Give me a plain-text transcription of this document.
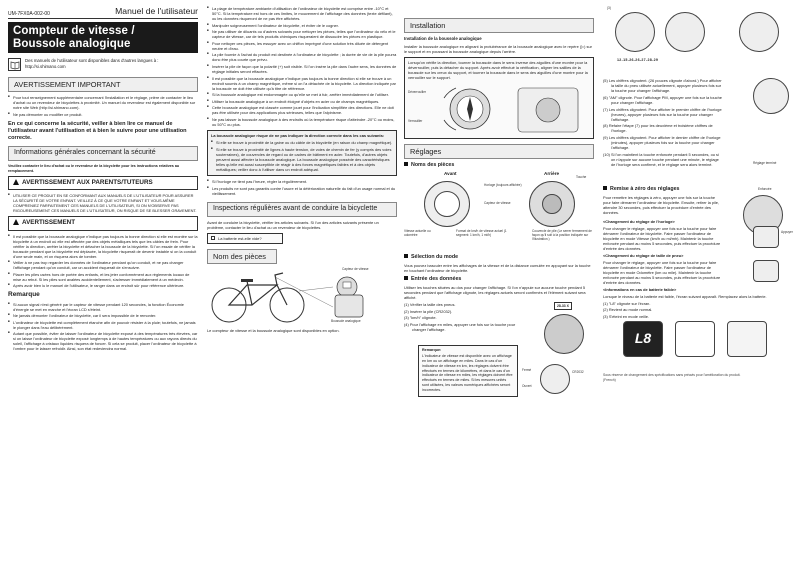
UM-7FX0A-002-00	Manuel de l'utilisateur
Compteur de vitesse /
Boussole analogique
Des manuels de l'utilisateur sont disponibles dans d'autres langues à : http://si.shimano.com
AVERTISSEMENT IMPORTANT
■ Pour tout renseignement supplémentaire concernant l'installation et le réglage, prière de contacter le lieu d'achat ou un revendeur de bicyclettes à proximité. Un manuel du revendeur est également disponible sur notre site Web (http://si.shimano.com).
■ Ne pas démonter ou modifier ce produit.

En ce qui concerne la sécurité, veiller à bien lire ce manuel de l'utilisateur avant l'utilisation et à bien le suivre pour une utilisation correcte.

Informations générales concernant la sécurité

Veuillez contacter le lieu d'achat ou le revendeur de la bicyclette pour les instructions relatives au remplacement.

AVERTISSEMENT AUX PARENTS/TUTEURS
■ UTILISER CE PRODUIT EN SE CONFORMANT AUX MANUELS DE L'UTILISATEUR POUR ASSURER LA SÉCURITÉ DE VOTRE ENFANT. VEILLEZ À CE QUE VOTRE ENFANT ET VOUS-MÊME COMPRENIEZ PARFAITEMENT CES MANUELS DE L'UTILISATEUR, SI ON N'OBSERVE PAS RIGOUREUSEMENT CES MANUELS DE L'UTILISATEUR, ON RISQUE DE SE BLESSER GRAVEMENT.
AVERTISSEMENT
■ Il est possible que la boussole analogique n'indique pas toujours la bonne direction si elle est montée sur la bicyclette à un endroit où elle est affectée par des objets métalliques tels que les câbles de frein. Pour vérifier la direction, arrêter la bicyclette et détacher la boussole de la bicyclette. Si l'on essaie de vérifier la boussole pendant que la bicyclette est déplacée, la bicyclette risquerait de devenir instable si on la conduit d'une seule main, et on risquera alors de tomber.
■ Veiller à ne pas trop regarder les données de l'ordinateur pendant qu'on conduit, et ne pas changer l'affichage pendant qu'on conduit, car un accident risquerait de s'ensuivre.
■ Placer les piles usées hors de portée des enfants, et les jeter conformément aux règlements locaux de mise au rebut. Si les piles sont avalées accidentellement, s'adresser immédiatement à un médecin.
■ Après avoir bien lu le manuel de l'utilisateur, le ranger dans un endroit sûr pour référence ultérieure.
Remarque
■ Si aucun signal n'est généré par le capteur de vitesse pendant 120 secondes, la fonction Économie d'énergie se met en marche et l'écran LCD s'éteint.
■ Ne jamais démonter l'ordinateur de bicyclette, car il sera impossible de le remonter.
■ L'ordinateur de bicyclette est complètement étanche afin de pouvoir résister à la pluie; toutefois, ne jamais le plonger dans l'eau délibérément.
■ Autant que possible, éviter de laisser l'ordinateur de bicyclette exposé à des températures très élevées, car si on laisse l'ordinateur de bicyclette exposé longtemps à de hautes températures ou aux rayons directs du soleil, l'affichage à cristaux liquides risquera de foncer. Si cela se produit, placer l'ordinateur de bicyclette à l'ombre pour le laisser refroidir. Ainsi, son état redeviendra normal.
■ La plage de température ambiante d'utilisation de l'ordinateur de bicyclette est comprise entre -10°C et 50°C. Si la température est hors de ces limites, le mouvement de l'affichage des données (texte défilant), ou les données risqueront de ne pas être affichées.
■ Manipuler soigneusement l'ordinateur de bicyclette, et éviter de le cogner.
■ Ne pas utiliser de diluants ou d'autres solvants pour nettoyer les pièces, telles que l'ordinateur du vélo et le capteur de vitesse, car de tels produits chimiques risqueraient de dissoudre les pièces en plastique.
■ Pour nettoyer ces pièces, les essuyer avec un chiffon imprégné d'une solution très diluée de détergent neutre et d'eau.
■ La pile fournie à l'achat du produit est destinée à l'ordinateur de bicyclette ; la durée de vie de la pile pourra donc être plus courte que prévu.
■ Insérer la pile de façon que la polarité (+) soit visible. Si l'on insère la pile dans l'autre sens, les données de réglage initiales seront effacées.
■ Il est possible que la boussole analogique n'indique pas toujours la bonne direction si elle se trouve à un endroit soumis à un champ magnétique, même si on l'a détachée de la bicyclette. La direction indiquée par la boussole ne doit être utilisée qu'à titre de référence.
■ Si la boussole analogique est endommagée ou qu'elle se met à fuir, arrêter immédiatement de l'utiliser.
■ Utiliser la boussole analogique à un endroit éloigné d'objets en acier ou de champs magnétiques.
■ Cette boussole analogique est classée comme jouet pour l'indication simplifiée des directions. Elle ne doit pas être utilisée pour des applications plus sérieuses, telles que l'alpinisme.
■ Ne pas laisser la boussole analogique à des endroits où la température risque d'atteindre -20°C ou moins, ou 50°C ou plus.

La boussole analogique risque de ne pas indiquer la direction correcte dans les cas suivants:

■ Si elle se trouve à proximité de la gaine ou du câble de la bicyclette (en raison du champ magnétique).
■ Si elle se trouve à proximité de lignes à haute tension, de voies de chemin de fer (y compris des voies souterraines), de couvercles de regard ou de cadres de bâtiment en acier. Toutefois, d'autres objets peuvent aussi affecter la boussole analogique. La boussole analogique possède des caractéristiques telles qu'elle est aussi susceptible de réagir à des forces magnétiques faibles et à des objets métalliques; veiller donc à l'utiliser dans un endroit adéquat.
■ Si l'horloge ne tient pas l'heure, régler la régulièrement.
■ Les produits ne sont pas garantis contre l'usure et la détérioration naturelle du fait d'un usage normal et du vieillissement.
Inspections régulières avant de conduire la bicyclette

Avant de conduire la bicyclette, vérifier les articles suivants. Si l'un des articles suivants présente un problème, contacter le lieu d'achat ou un revendeur de bicyclettes.

La batterie est-elle vide?
Nom des pièces
Capteur de vitesse
Boussole analogique

Le compteur de vitesse et la boussole analogique sont disponibles en option.

Installation

Installation de la boussole analogique

Installer la boussole analogique en alignant la protubérance de la boussole analogique avec le repère (▷) sur le support et en poussant la boussole analogique depuis l'arrière.

Lorsqu'on vérifie la direction, tourner la boussole dans le sens inverse des aiguilles d'une montre pour la déverrouiller, puis la détacher du support. Après avoir effectué la vérification, aligner les saillies de la boussole sur les creux du support, et tourner la boussole dans le sens des aiguilles d'une montre pour la verrouiller sur le support.

Déverrouiller
Verrouiller
Réglages
Noms des pièces
Avant	Arrière
Horloge (toujours affichée)
Capteur de vitesse
Touche
Vitesse actuelle ou odomètre
Format de km/h de vitesse actuel (1 segment: 1 km/h, 1 mi/h)
Couvercle de pile (Le serrer fermement de façon qu'il soit à la position indiquée sur l'illustration.)
Sélection du mode

Vous pouvez basculer entre les affichages de la vitesse et de la distance cumulée en appuyant sur la touche en touchant l'ordinateur de bicyclette.

Entrée des données

Utiliser les touches situées au dos pour changer l'affichage. Si l'on n'appuie sur aucune touche pendant 5 secondes pendant que l'affichage clignote, les réglages actuels seront confirmés et l'élément suivant sera affiché.

(1) Vérifier la taille des pneus.
(2) Insérer la pile (CR2032).
(3) "km/h" clignote.
(4) Pour l'affichage en miles, appuyer une fois sur la touche pour changer l'affichage.
28-33 X

Remarque:

L'indicateur de vitesse est disponible avec un affichage en km ou un affichage en miles. Dans le cas d'un indicateur de vitesse en km, les réglages doivent être effectués en termes de kilomètres, et dans le cas d'un indicateur de vitesse en miles, les réglages doivent être effectués en termes de miles. Si les mesures unités sont utilisées, les valeurs numériques affichées seront incorrectes.

Fermé
Ouvert
CR2032
12-15-26-26-27-28-29
(3)
(5) Les chiffres clignotent. (26 pouces clignote d'abord.) Pour afficher la taille du pneu utilisée actuellement, appuyer plusieurs fois sur la touche pour changer l'affichage.
(6) "AM" clignote. Pour l'affichage PM, appuyer une fois sur la touche pour changer l'affichage.
(7) Les chiffres clignotent. Pour afficher le premier chiffre de l'horloge (heures), appuyer plusieurs fois sur la touche pour changer l'affichage.
(8) Refaire l'étape (7) pour les deuxième et troisième chiffres de l'horloge.
(9) Les chiffres clignotent. Pour afficher le dernier chiffre de l'horloge (minutes), appuyer plusieurs fois sur la touche pour changer l'affichage.
(10) Si l'on maintient la touche enfoncée pendant 5 secondes, ou si on n'appuie sur aucune touche pendant une minute, le réglage de l'horloge sera confirmé, et le réglage sera alors terminé.	Réglage terminé
Remise à zéro des réglages

Pour remettre les réglages à zéro, appuyer une fois sur la touche pour faire démarrer l'ordinateur de bicyclette. Ensuite, retirer la pile, attendre 30 secondes, puis effectuer la procédure d'entrée des données.

Enfoncée

<Changement du réglage de l'horloge>

Pour changer le réglage, appuyer une fois sur la touche pour faire démarrer l'ordinateur de bicyclette. Faire passer l'ordinateur de bicyclette en mode Vitesse (km/h ou mi/mh). Maintenir la touche enfoncée pendant au moins 5 secondes, puis effectuer la procédure d'entrée des données.

Appuyer

<Changement du réglage de taille de pneu>

Pour changer le réglage, appuyer une fois sur la touche pour faire démarrer l'ordinateur de bicyclette. Faire passer l'ordinateur de bicyclette en mode Odomètre (km ou mile). Maintenir la touche enfoncée pendant au moins 5 secondes, puis effectuer la procédure d'entrée des données.

<Informations en cas de batterie faible>

Lorsque le niveau de la batterie est faible, l'écran suivant apparaît. Remplacez alors la batterie.

(1) "L8" clignote sur l'écran.
(2) Revient au mode normal.
(3) S'éteint en mode veille.
L8

Sous réserve de changement des spécifications sans préavis pour l'amélioration du produit. (French)
